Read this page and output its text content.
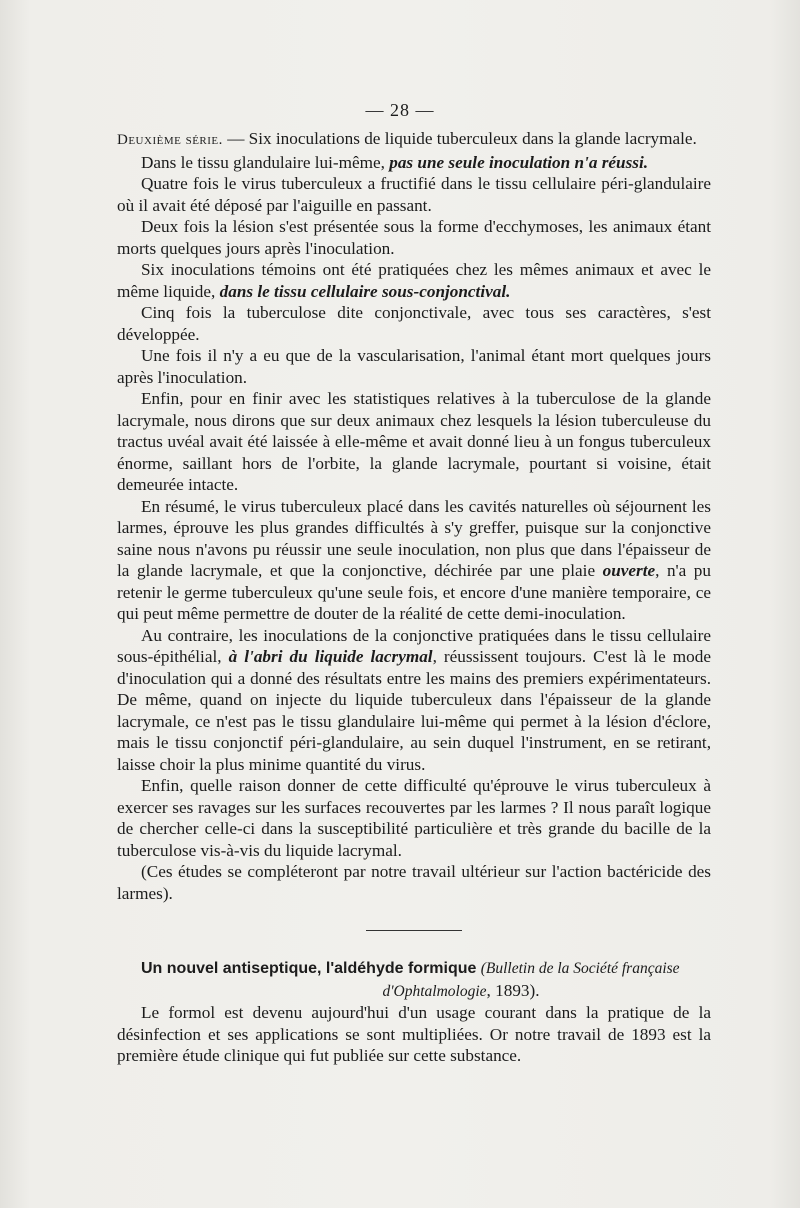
— 28 —

Deuxième série. — Six inoculations de liquide tuberculeux dans la glande lacrymale.

Dans le tissu glandulaire lui-même, pas une seule inoculation n'a réussi.

Quatre fois le virus tuberculeux a fructifié dans le tissu cellulaire péri-glandulaire où il avait été déposé par l'aiguille en passant.

Deux fois la lésion s'est présentée sous la forme d'ecchymoses, les animaux étant morts quelques jours après l'inoculation.

Six inoculations témoins ont été pratiquées chez les mêmes animaux et avec le même liquide, dans le tissu cellulaire sous-conjonctival.

Cinq fois la tuberculose dite conjonctivale, avec tous ses caractères, s'est développée.

Une fois il n'y a eu que de la vascularisation, l'animal étant mort quelques jours après l'inoculation.

Enfin, pour en finir avec les statistiques relatives à la tuberculose de la glande lacrymale, nous dirons que sur deux animaux chez lesquels la lésion tuberculeuse du tractus uvéal avait été laissée à elle-même et avait donné lieu à un fongus tuberculeux énorme, saillant hors de l'orbite, la glande lacrymale, pourtant si voisine, était demeurée intacte.

En résumé, le virus tuberculeux placé dans les cavités naturelles où séjournent les larmes, éprouve les plus grandes difficultés à s'y greffer, puisque sur la conjonctive saine nous n'avons pu réussir une seule inoculation, non plus que dans l'épaisseur de la glande lacrymale, et que la conjonctive, déchirée par une plaie ouverte, n'a pu retenir le germe tuberculeux qu'une seule fois, et encore d'une manière temporaire, ce qui peut même permettre de douter de la réalité de cette demi-inoculation.

Au contraire, les inoculations de la conjonctive pratiquées dans le tissu cellulaire sous-épithélial, à l'abri du liquide lacrymal, réussissent toujours. C'est là le mode d'inoculation qui a donné des résultats entre les mains des premiers expérimentateurs. De même, quand on injecte du liquide tuberculeux dans l'épaisseur de la glande lacrymale, ce n'est pas le tissu glandulaire lui-même qui permet à la lésion d'éclore, mais le tissu conjonctif péri-glandulaire, au sein duquel l'instrument, en se retirant, laisse choir la plus minime quantité du virus.

Enfin, quelle raison donner de cette difficulté qu'éprouve le virus tuberculeux à exercer ses ravages sur les surfaces recouvertes par les larmes ? Il nous paraît logique de chercher celle-ci dans la susceptibilité particulière et très grande du bacille de la tuberculose vis-à-vis du liquide lacrymal.

(Ces études se compléteront par notre travail ultérieur sur l'action bactéricide des larmes).

Un nouvel antiseptique, l'aldéhyde formique (Bulletin de la Société française
d'Ophtalmologie, 1893).

Le formol est devenu aujourd'hui d'un usage courant dans la pratique de la désinfection et ses applications se sont multipliées. Or notre travail de 1893 est la première étude clinique qui fut publiée sur cette substance.
